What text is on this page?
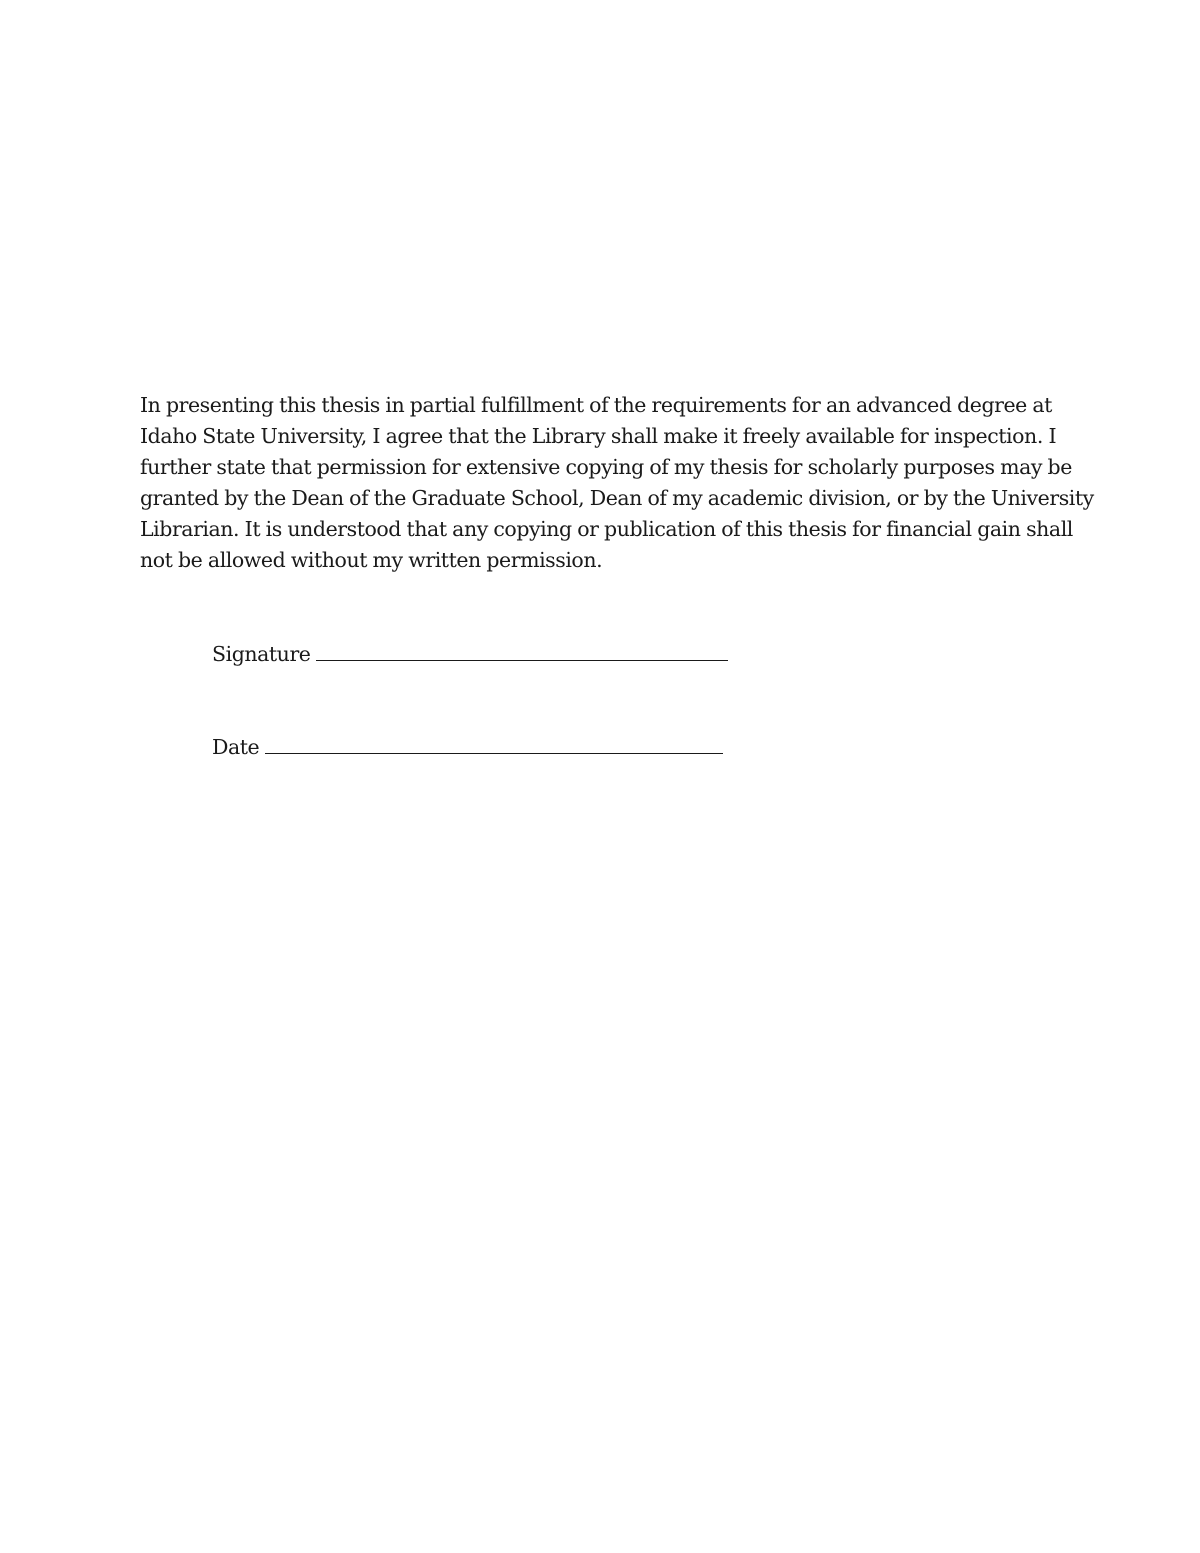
In presenting this thesis in partial fulfillment of the requirements for an advanced degree at
Idaho State University, I agree that the Library shall make it freely available for inspection. I
further state that permission for extensive copying of my thesis for scholarly purposes may be
granted by the Dean of the Graduate School, Dean of my academic division, or by the University
Librarian. It is understood that any copying or publication of this thesis for financial gain shall
not be allowed without my written permission.

Signature
Date
